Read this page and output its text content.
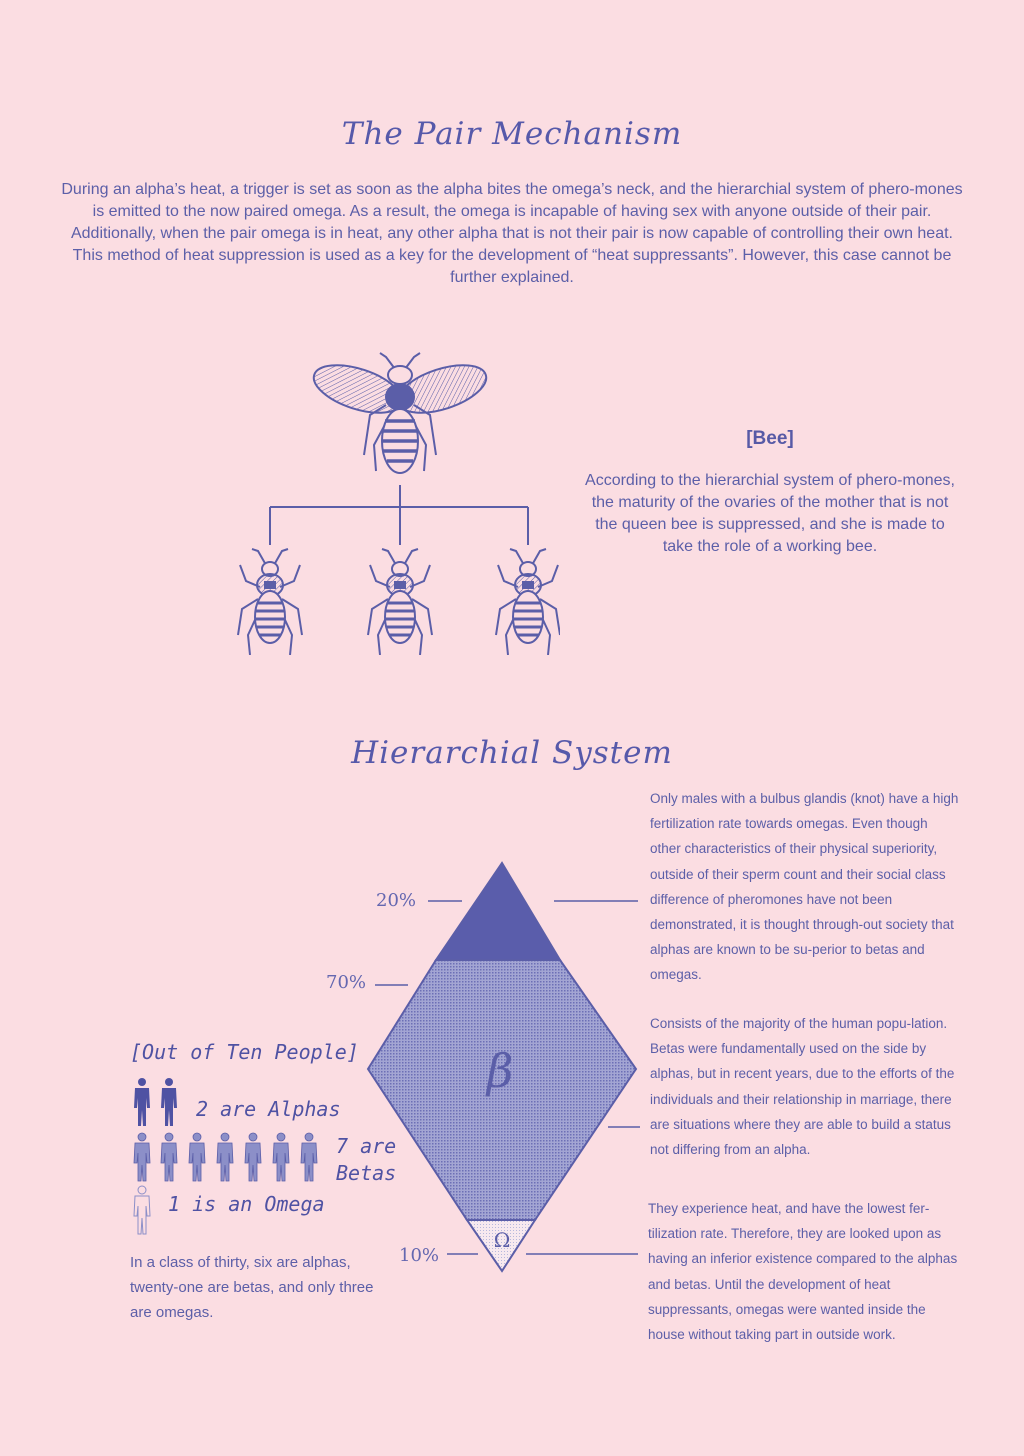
The Pair Mechanism
During an alpha’s heat, a trigger is set as soon as the alpha bites the omega’s neck, and the hierarchial system of phero-mones is emitted to the now paired omega. As a result, the omega is incapable of having sex with anyone outside of their pair. Additionally, when the pair omega is in heat, any other alpha that is not their pair is now capable of controlling their own heat. This method of heat suppression is used as a key for the development of “heat suppressants”. However, this case cannot be further explained.
[Bee]
According to the hierarchial system of phero-mones, the maturity of the ovaries of the mother that is not the queen bee is suppressed, and she is made to take the role of a working bee.
Hierarchial System
β
Ω
20%
70%
10%
Only males with a bulbus glandis (knot) have a high fertilization rate towards omegas. Even though other characteristics of their physical superiority, outside of their sperm count and their social class difference of pheromones have not been demonstrated, it is thought through-out society that alphas are known to be su-perior to betas and omegas.
Consists of the majority of the human popu-lation. Betas were fundamentally used on the side by alphas, but in recent years, due to the efforts of the individuals and their relationship in marriage, there are situations where they are able to build a status not differing from an alpha.
They experience heat, and have the lowest fer-tilization rate. Therefore, they are looked upon as having an inferior existence compared to the alphas and betas. Until the development of heat suppressants, omegas were wanted inside the house without taking part in outside work.
[Out of Ten People]
2 are Alphas
7 are
Betas
1 is an Omega
In a class of thirty, six are alphas, twenty-one are betas, and only three are omegas.
